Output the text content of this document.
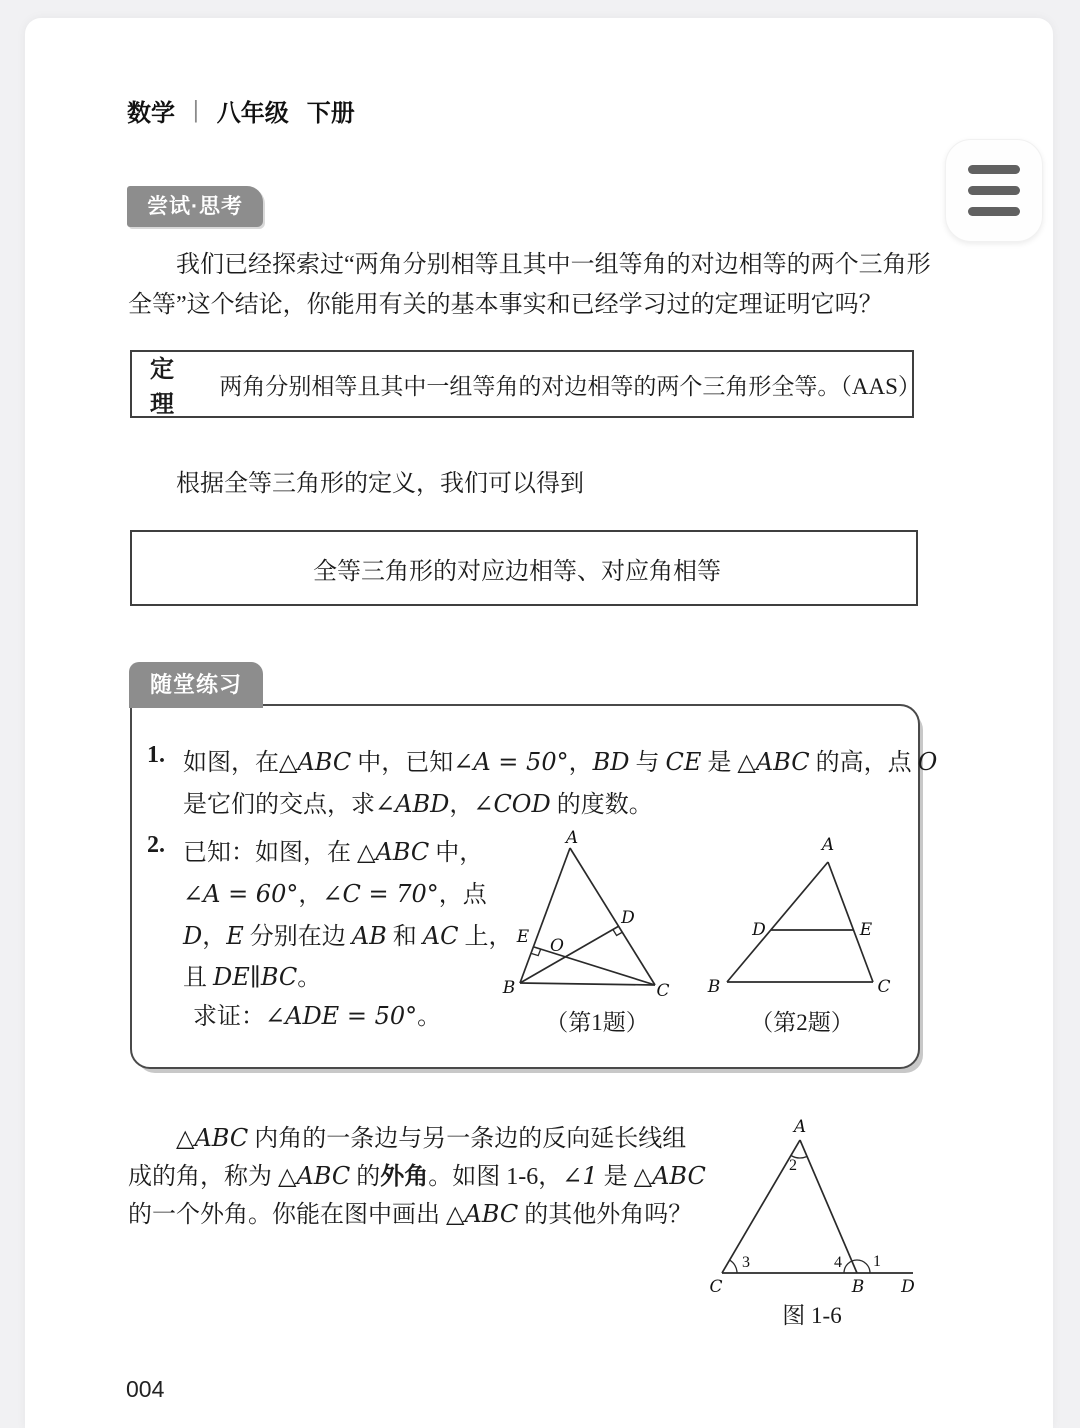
数学 | 八年级 下册
尝试·思考
我们已经探索过“两角分别相等且其中一组等角的对边相等的两个三角形
全等”这个结论，你能用有关的基本事实和已经学习过的定理证明它吗？
定理
两角分别相等且其中一组等角的对边相等的两个三角形全等。（AAS）
根据全等三角形的定义，我们可以得到
全等三角形的对应边相等、对应角相等
随堂练习
1. 如图，在△ABC 中，已知∠A = 50°，BD 与 CE 是 △ABC 的高，点 O
是它们的交点，求∠ABD，∠COD 的度数。
2. 已知：如图，在 △ABC 中，
∠A = 60°，∠C = 70°，点
D，E 分别在边 AB 和 AC 上，
且 DE∥BC。
求证：∠ADE = 50°。
A
B	C
D
E O
（第1题）
A
B	C
D	E
（第2题）
△ABC 内角的一条边与另一条边的反向延长线组
成的角，称为 △ABC 的外角。如图 1-6，∠1 是 △ABC
的一个外角。你能在图中画出 △ABC 的其他外角吗？
A
C	B D
2
3	4 1
图 1-6
004
